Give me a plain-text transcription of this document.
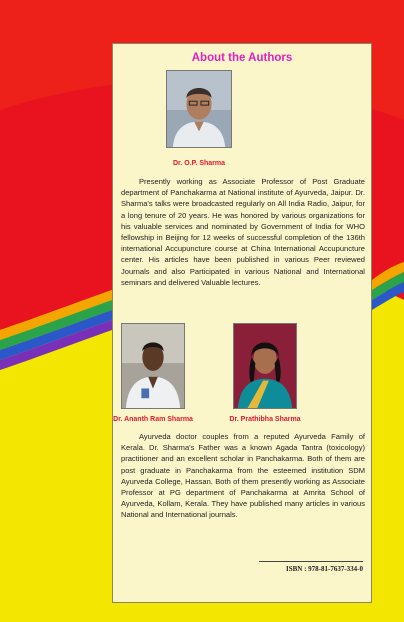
About the Authors
Dr. O.P. Sharma

Presently working as Associate Professor of Post Graduate department of Panchakarma at National institute of Ayurveda, Jaipur. Dr. Sharma's talks were broadcasted regularly on All India Radio, Jaipur, for a long tenure of 20 years. He was honored by various organizations for his valuable services and nominated by Government of India for WHO fellowship in Beijing for 12 weeks of successful completion of the 136th international Accupuncture course at China International Accupuncture center. His articles have been published in various Peer reviewed Journals and also Participated in various National and International seminars and delivered Valuable lectures.

Dr. Ananth Ram Sharma	Dr. Prathibha Sharma

Ayurveda doctor couples from a reputed Ayurveda Family of Kerala. Dr. Sharma's Father was a known Agada Tantra (toxicology) practitioner and an excellent scholar in Panchakarma. Both of them are post graduate in Panchakarma from the esteemed institution SDM Ayurveda College, Hassan. Both of them presently working as Associate Professor at PG department of Panchakarma at Amrita School of Ayurveda, Kollam, Kerala. They have published many articles in various National and International journals.

ISBN : 978-81-7637-334-0
